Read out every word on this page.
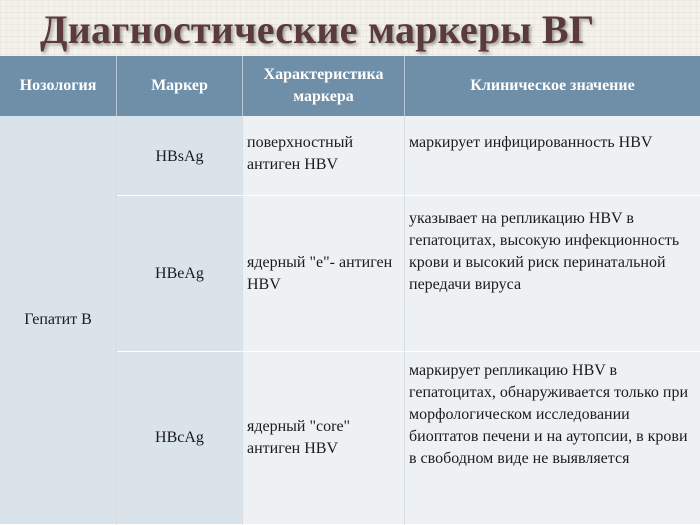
Диагностические маркеры ВГ
Нозология	Маркер
Характеристика маркера
Клиническое значение
Гепатит В
HBsAg
поверхностный антиген HBV
маркирует инфицированность HBV
HBeAg
ядерный "е"- антиген HBV
указывает на репликацию HBV в гепатоцитах, высокую инфекционность крови и высокий риск перинатальной передачи вируса
HBcAg
ядерный "core" антиген HBV
маркирует репликацию HBV в гепатоцитах, обнаруживается только при морфологическом исследовании биоптатов печени и на аутопсии, в крови в свободном виде не выявляется
